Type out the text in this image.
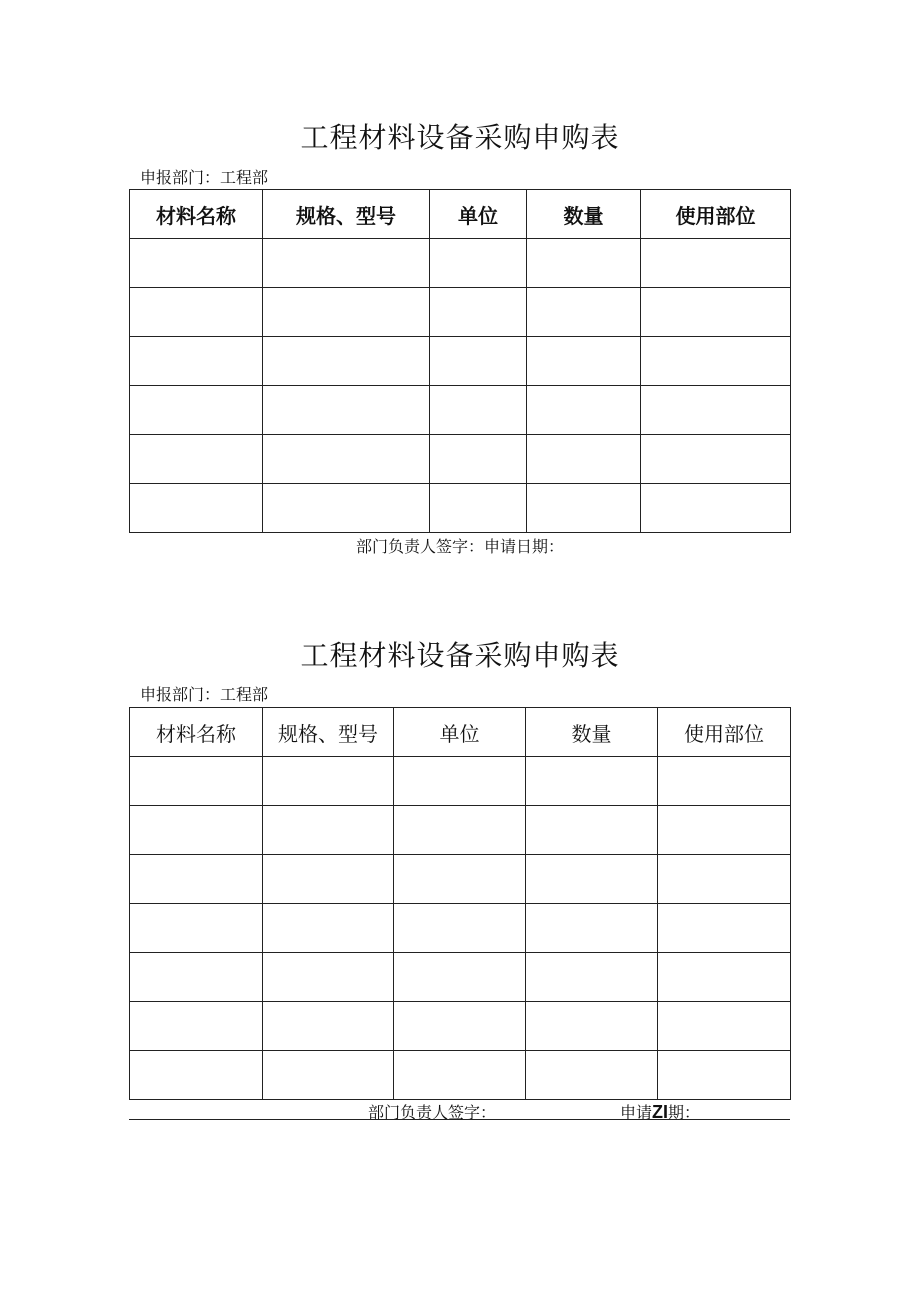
工程材料设备采购申购表
申报部门：工程部
材料名称	规格、型号	单位	数量	使用部位

部门负责人签字：申请日期：
工程材料设备采购申购表
申报部门：工程部
材料名称	规格、型号	单位	数量	使用部位

部门负责人签字：	申请ZI期：
